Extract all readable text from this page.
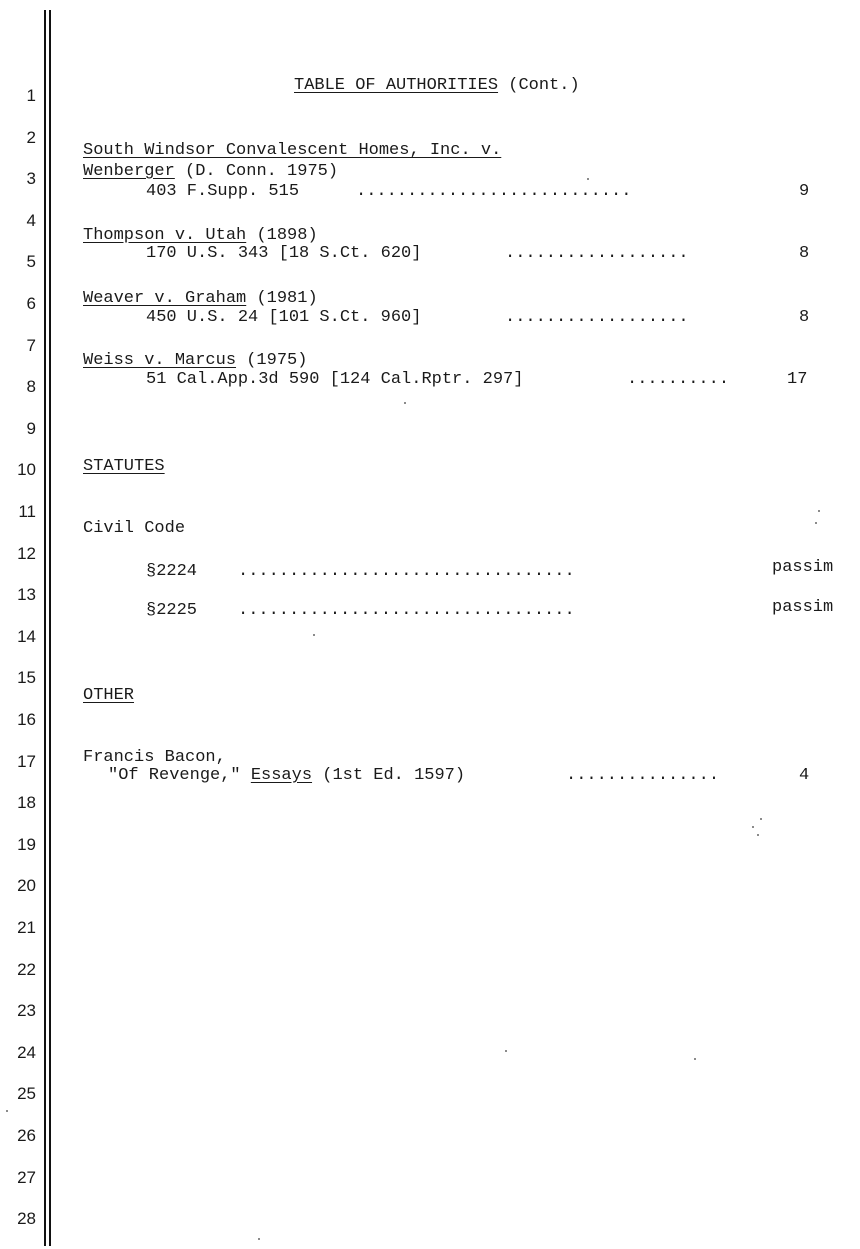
1
2
3
4
5
6
7
8
9
10
11
12
13
14
15
16
17
18
19
20
21
22
23
24
25
26
27
28
TABLE OF AUTHORITIES (Cont.)
South Windsor Convalescent Homes, Inc. v.
Wenberger (D. Conn. 1975)
403 F.Supp. 515	...........................	9
Thompson v. Utah (1898)
170 U.S. 343 [18 S.Ct. 620]	..................	8
Weaver v. Graham (1981)
450 U.S. 24 [101 S.Ct. 960]	..................	8
Weiss v. Marcus (1975)
51 Cal.App.3d 590 [124 Cal.Rptr. 297]	..........	17
STATUTES
Civil Code
§2224 .................................	passim
§2225 .................................	passim
OTHER
Francis Bacon,
"Of Revenge," Essays (1st Ed. 1597)	...............	4
